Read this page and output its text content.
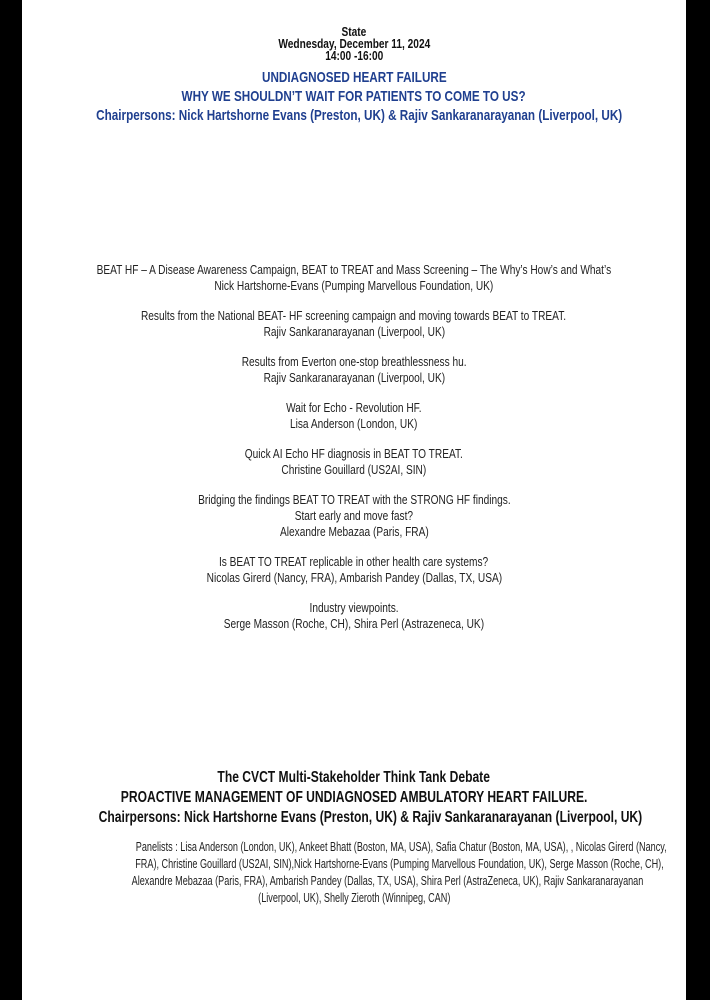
State
Wednesday, December 11, 2024
14:00 -16:00
UNDIAGNOSED HEART FAILURE
WHY WE SHOULDN’T WAIT FOR PATIENTS TO COME TO US?
Chairpersons: Nick Hartshorne Evans (Preston, UK) & Rajiv Sankaranarayanan (Liverpool, UK)
BEAT HF – A Disease Awareness Campaign, BEAT to TREAT and Mass Screening – The Why’s How’s and What’s
Nick Hartshorne-Evans (Pumping Marvellous Foundation, UK)
Results from the National BEAT- HF screening campaign and moving towards BEAT to TREAT.
Rajiv Sankaranarayanan (Liverpool, UK)
Results from Everton one-stop breathlessness hu.
Rajiv Sankaranarayanan (Liverpool, UK)
Wait for Echo - Revolution HF.
Lisa Anderson (London, UK)
Quick AI Echo HF diagnosis in BEAT TO TREAT.
Christine Gouillard (US2AI, SIN)
Bridging the findings BEAT TO TREAT with the STRONG HF findings.
Start early and move fast?
Alexandre Mebazaa (Paris, FRA)
Is BEAT TO TREAT replicable in other health care systems?
Nicolas Girerd (Nancy, FRA), Ambarish Pandey (Dallas, TX, USA)
Industry viewpoints.
Serge Masson (Roche, CH), Shira Perl (Astrazeneca, UK)
The CVCT Multi-Stakeholder Think Tank Debate
PROACTIVE MANAGEMENT OF UNDIAGNOSED AMBULATORY HEART FAILURE.
Chairpersons: Nick Hartshorne Evans (Preston, UK) & Rajiv Sankaranarayanan (Liverpool, UK)
Panelists : Lisa Anderson (London, UK), Ankeet Bhatt (Boston, MA, USA), Safia Chatur (Boston, MA, USA), , Nicolas Girerd (Nancy,
FRA), Christine Gouillard (US2AI, SIN),Nick Hartshorne-Evans (Pumping Marvellous Foundation, UK), Serge Masson (Roche, CH),
Alexandre Mebazaa (Paris, FRA), Ambarish Pandey (Dallas, TX, USA), Shira Perl (AstraZeneca, UK), Rajiv Sankaranarayanan
(Liverpool, UK), Shelly Zieroth (Winnipeg, CAN)
